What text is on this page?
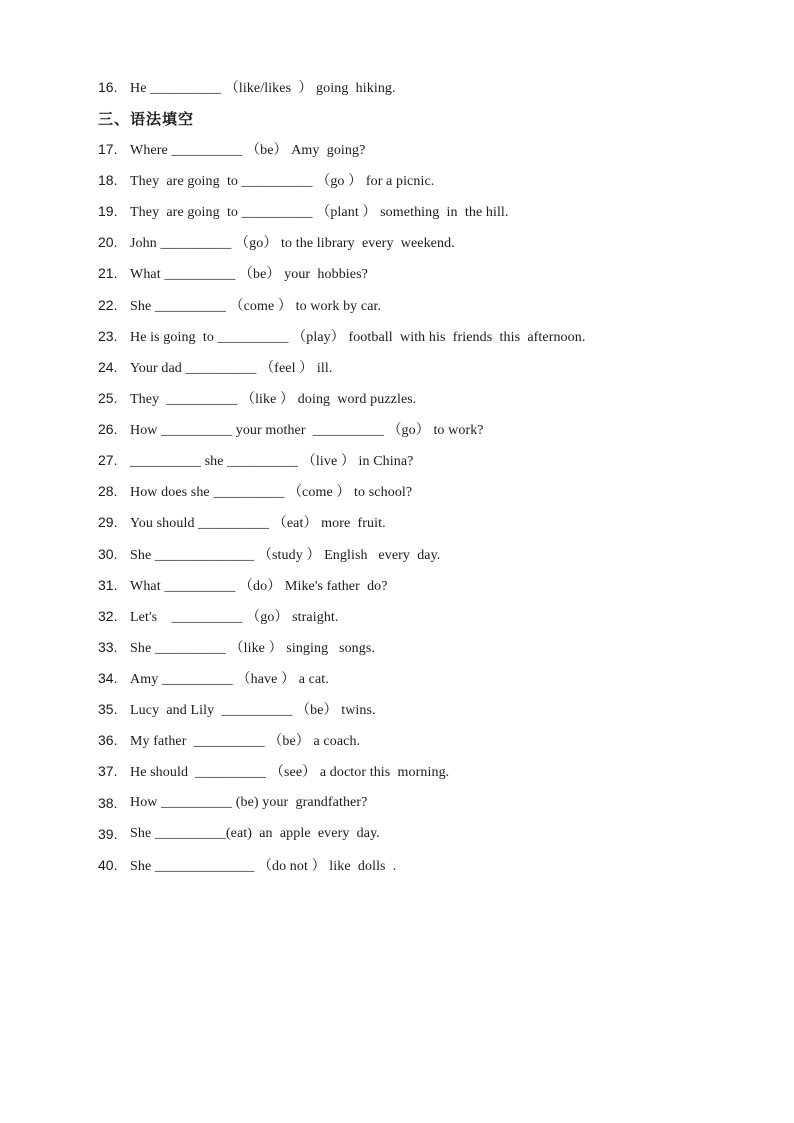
16. He __________ （like/likes  ） going  hiking.
三、语法填空
17. Where __________ （be） Amy  going?
18. They  are going  to __________ （go ） for a picnic.
19. They  are going  to __________ （plant ） something  in  the hill.
20. John __________ （go） to the library  every  weekend.
21. What __________ （be） your  hobbies?
22. She __________ （come ） to work by car.
23. He is going  to __________ （play） football  with his  friends  this  afternoon.
24. Your dad __________ （feel ） ill.
25. They  __________ （like ） doing  word puzzles.
26. How __________ your mother  __________ （go） to work?
27. __________ she __________ （live ） in China?
28. How does she __________ （come ） to school?
29. You should __________ （eat） more  fruit.
30. She ______________ （study ） English   every  day.
31. What __________ （do） Mike's father  do?
32. Let's    __________ （go） straight.
33. She __________ （like ） singing   songs.
34. Amy __________ （have ） a cat.
35. Lucy  and Lily  __________ （be） twins.
36. My father  __________ （be） a coach.
37. He should  __________ （see） a doctor this  morning.
38. How __________ (be) your  grandfather?
39. She __________(eat)  an  apple  every  day.
40. She ______________ （do not ） like  dolls  .
